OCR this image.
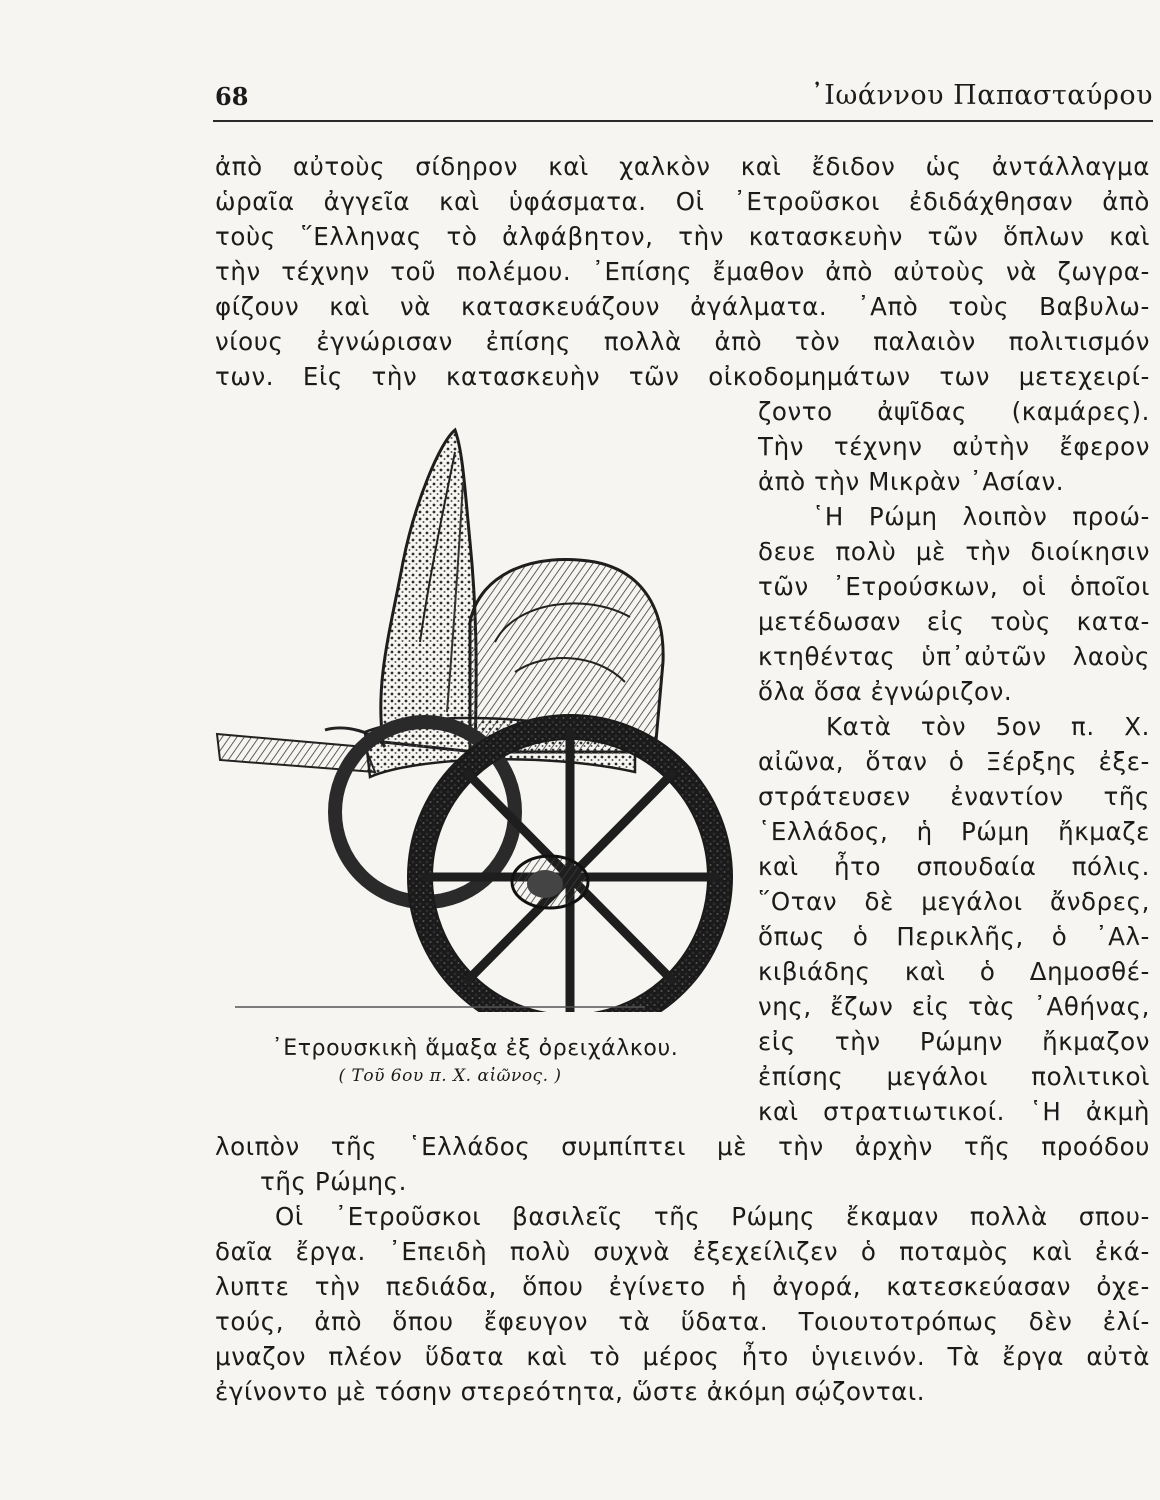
68	᾿Ιωάννου Παπασταύρου
ἀπὸ αὐτοὺς σίδηρον καὶ χαλκὸν καὶ ἔδιδον ὡς ἀντάλλαγμα
ὡραῖα ἀγγεῖα καὶ ὑφάσματα. Οἱ ᾿Ετροῦσκοι ἐδιδάχθησαν ἀπὸ
τοὺς ῞Ελληνας τὸ ἀλφάβητον, τὴν κατασκευὴν τῶν ὅπλων καὶ
τὴν τέχνην τοῦ πολέμου. ᾿Επίσης ἔμαθον ἀπὸ αὐτοὺς νὰ ζωγρα-
φίζουν καὶ νὰ κατασκευάζουν ἀγάλματα. ᾿Απὸ τοὺς Βαβυλω-
νίους ἐγνώρισαν ἐπίσης πολλὰ ἀπὸ τὸν παλαιὸν πολιτισμόν
των. Εἰς τὴν κατασκευὴν τῶν οἰκοδομημάτων των μετεχειρί-
ζοντο ἀψῖδας (καμάρες).
Τὴν τέχνην αὐτὴν ἔφερον
ἀπὸ τὴν Μικρὰν ᾿Ασίαν.
῾Η Ρώμη λοιπὸν προώ-
δευε πολὺ μὲ τὴν διοίκησιν
τῶν ᾿Ετρούσκων, οἱ ὁποῖοι
μετέδωσαν εἰς τοὺς κατα-
κτηθέντας ὑπ᾿αὐτῶν λαοὺς
ὅλα ὅσα ἐγνώριζον.
Κατὰ τὸν 5ον π. Χ.
αἰῶνα, ὅταν ὁ Ξέρξης ἐξε-
στράτευσεν ἐναντίον τῆς
῾Ελλάδος, ἡ Ρώμη ἤκμαζε
καὶ ἦτο σπουδαία πόλις.
῞Οταν δὲ μεγάλοι ἄνδρες,
ὅπως ὁ Περικλῆς, ὁ ᾿Αλ-
κιβιάδης καὶ ὁ Δημοσθέ-
νης, ἔζων εἰς τὰς ᾿Αθήνας,
εἰς τὴν Ρώμην ἤκμαζον
ἐπίσης μεγάλοι πολιτικοὶ
καὶ στρατιωτικοί. ῾Η ἀκμὴ
᾿Ετρουσκικὴ ἅμαξα ἐξ ὀρειχάλκου.
( Τοῦ 6ου π. Χ. αἰῶνος. )
λοιπὸν τῆς ῾Ελλάδος συμπίπτει μὲ τὴν ἀρχὴν τῆς προόδου
τῆς Ρώμης.
Οἱ ᾿Ετροῦσκοι βασιλεῖς τῆς Ρώμης ἔκαμαν πολλὰ σπου-
δαῖα ἔργα. ᾿Επειδὴ πολὺ συχνὰ ἐξεχείλιζεν ὁ ποταμὸς καὶ ἐκά-
λυπτε τὴν πεδιάδα, ὅπου ἐγίνετο ἡ ἀγορά, κατεσκεύασαν ὀχε-
τούς, ἀπὸ ὅπου ἔφευγον τὰ ὕδατα. Τοιουτοτρόπως δὲν ἐλί-
μναζον πλέον ὕδατα καὶ τὸ μέρος ἦτο ὑγιεινόν. Τὰ ἔργα αὐτὰ
ἐγίνοντο μὲ τόσην στερεότητα, ὥστε ἀκόμη σῴζονται.
